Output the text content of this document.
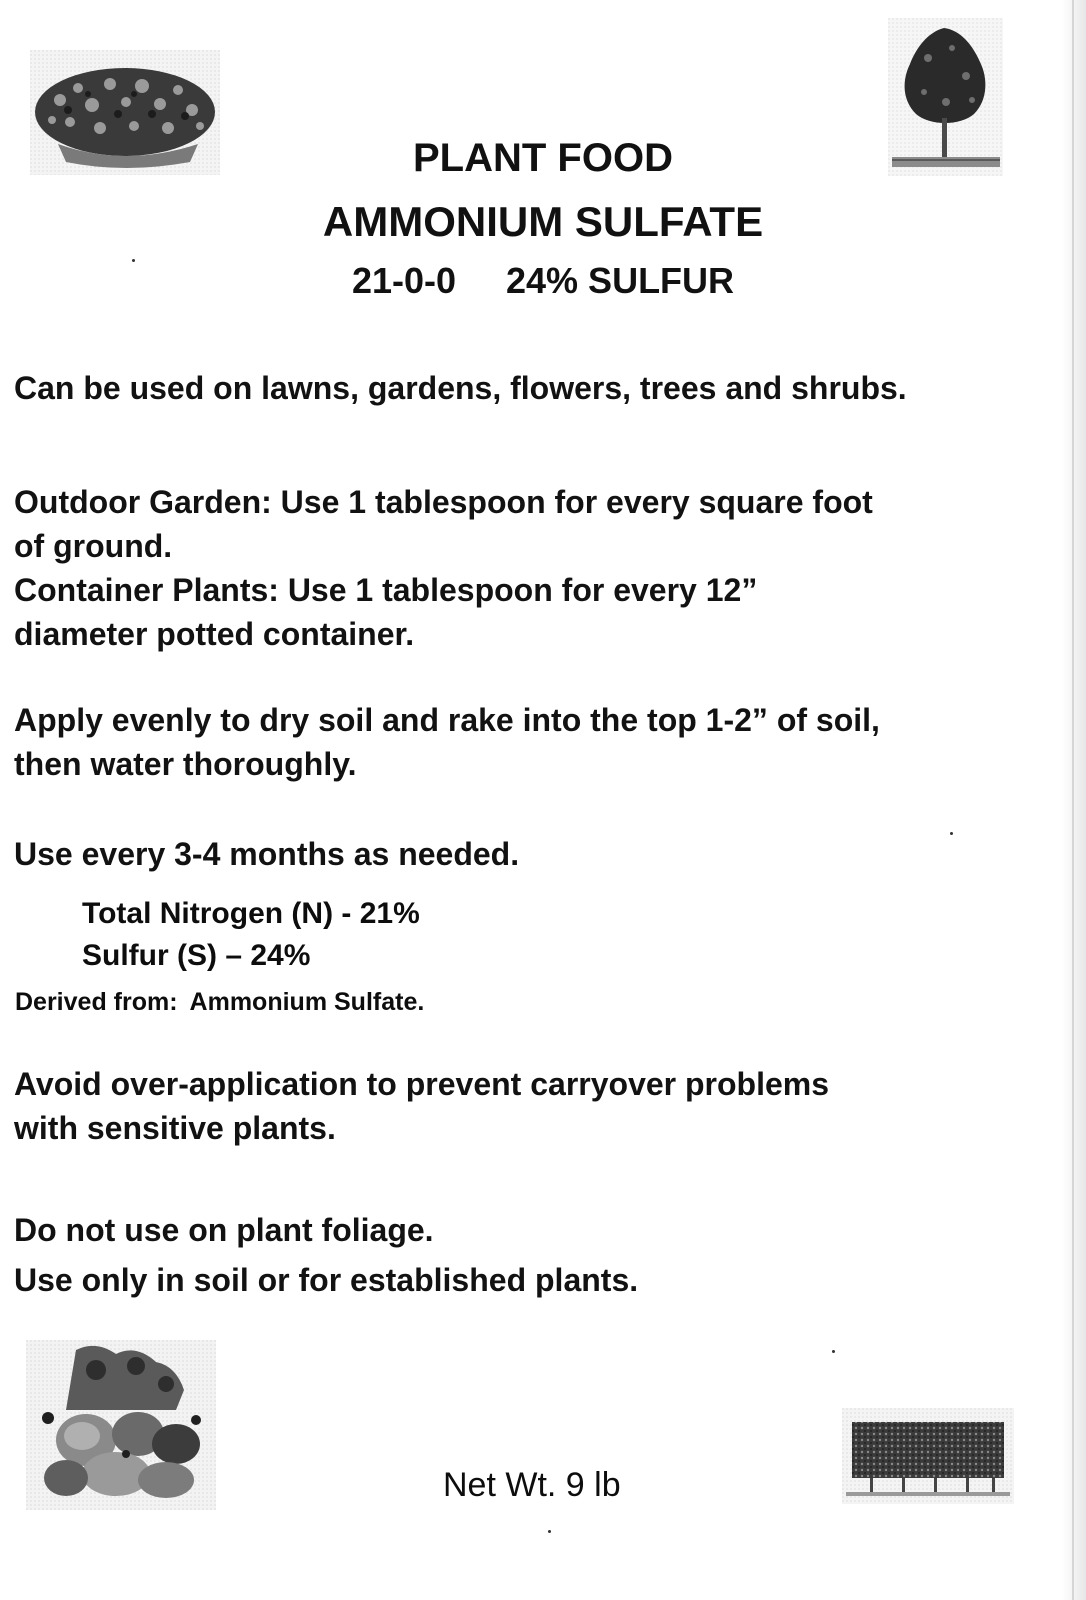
PLANT FOOD
AMMONIUM SULFATE
21-0-0 24% SULFUR
Can be used on lawns, gardens, flowers, trees and shrubs.
Outdoor Garden: Use 1 tablespoon for every square foot
of ground.
Container Plants: Use 1 tablespoon for every 12”
diameter potted container.
Apply evenly to dry soil and rake into the top 1-2” of soil,
then water thoroughly.
Use every 3-4 months as needed.
Total Nitrogen (N) - 21%
Sulfur (S) – 24%
Derived from: Ammonium Sulfate.
Avoid over-application to prevent carryover problems
with sensitive plants.
Do not use on plant foliage.
Use only in soil or for established plants.
Net Wt. 9 lb
